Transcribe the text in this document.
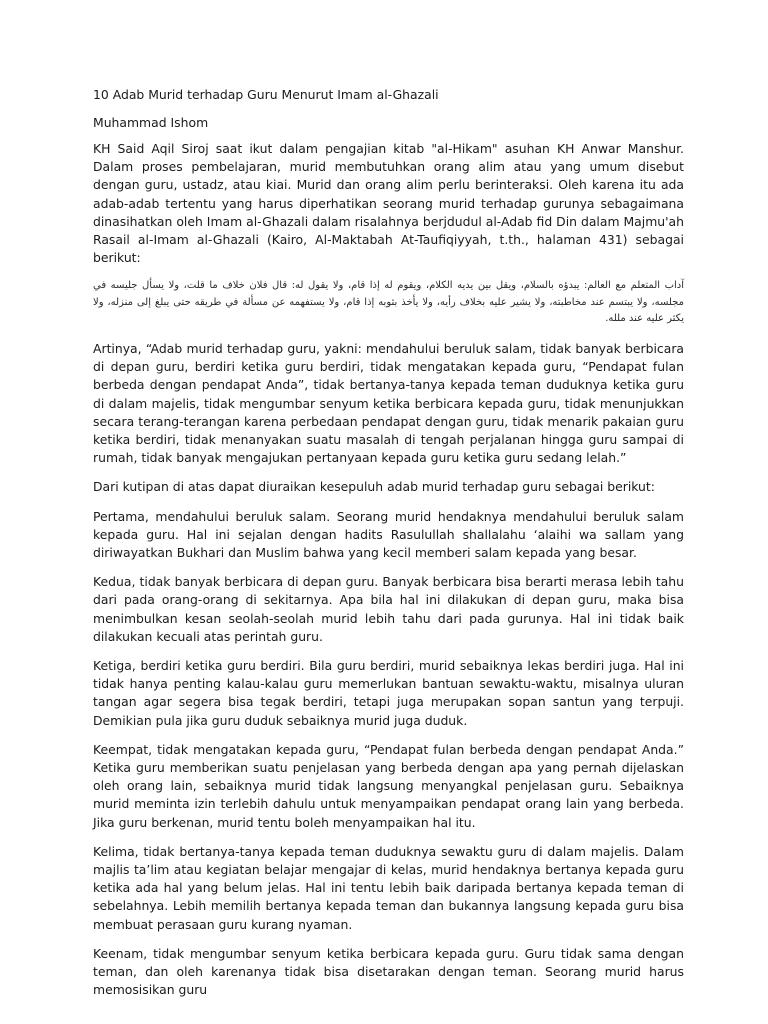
10 Adab Murid terhadap Guru Menurut Imam al-Ghazali

Muhammad Ishom

KH Said Aqil Siroj saat ikut dalam pengajian kitab "al-Hikam" asuhan KH Anwar Manshur. Dalam proses pembelajaran, murid membutuhkan orang alim atau yang umum disebut dengan guru, ustadz, atau kiai. Murid dan orang alim perlu berinteraksi. Oleh karena itu ada adab-adab tertentu yang harus diperhatikan seorang murid terhadap gurunya sebagaimana dinasihatkan oleh Imam al-Ghazali dalam risalahnya berjdudul al-Adab fid Din dalam Majmu'ah Rasail al-Imam al-Ghazali (Kairo, Al-Maktabah At-Taufiqiyyah, t.th., halaman 431) sebagai berikut:

آداب المتعلم مع العالم: يبدؤه بالسلام، ويقل بين يديه الكلام، ويقوم له إذا قام، ولا يقول له: قال فلان خلاف ما قلت، ولا يسأل جليسه في مجلسه، ولا يبتسم عند مخاطبته، ولا يشير عليه بخلاف رأيه، ولا يأخذ بثوبه إذا قام، ولا يستفهمه عن مسألة في طريقه حتى يبلغ إلى منزله، ولا يكثر عليه عند ملله.

Artinya, “Adab murid terhadap guru, yakni: mendahului beruluk salam, tidak banyak berbicara di depan guru, berdiri ketika guru berdiri, tidak mengatakan kepada guru, “Pendapat fulan berbeda dengan pendapat Anda”, tidak bertanya-tanya kepada teman duduknya ketika guru di dalam majelis, tidak mengumbar senyum ketika berbicara kepada guru, tidak menunjukkan secara terang-terangan karena perbedaan pendapat dengan guru, tidak menarik pakaian guru ketika berdiri, tidak menanyakan suatu masalah di tengah perjalanan hingga guru sampai di rumah, tidak banyak mengajukan pertanyaan kepada guru ketika guru sedang lelah.”

Dari kutipan di atas dapat diuraikan kesepuluh adab murid terhadap guru sebagai berikut:

Pertama, mendahului beruluk salam. Seorang murid hendaknya mendahului beruluk salam kepada guru. Hal ini sejalan dengan hadits Rasulullah shallalahu ‘alaihi wa sallam yang diriwayatkan Bukhari dan Muslim bahwa yang kecil memberi salam kepada yang besar.

Kedua, tidak banyak berbicara di depan guru. Banyak berbicara bisa berarti merasa lebih tahu dari pada orang-orang di sekitarnya. Apa bila hal ini dilakukan di depan guru, maka bisa menimbulkan kesan seolah-seolah murid lebih tahu dari pada gurunya. Hal ini tidak baik dilakukan kecuali atas perintah guru.

Ketiga, berdiri ketika guru berdiri. Bila guru berdiri, murid sebaiknya lekas berdiri juga. Hal ini tidak hanya penting kalau-kalau guru memerlukan bantuan sewaktu-waktu, misalnya uluran tangan agar segera bisa tegak berdiri, tetapi juga merupakan sopan santun yang terpuji. Demikian pula jika guru duduk sebaiknya murid juga duduk.

Keempat, tidak mengatakan kepada guru, “Pendapat fulan berbeda dengan pendapat Anda.” Ketika guru memberikan suatu penjelasan yang berbeda dengan apa yang pernah dijelaskan oleh orang lain, sebaiknya murid tidak langsung menyangkal penjelasan guru. Sebaiknya murid meminta izin terlebih dahulu untuk menyampaikan pendapat orang lain yang berbeda. Jika guru berkenan, murid tentu boleh menyampaikan hal itu.

Kelima, tidak bertanya-tanya kepada teman duduknya sewaktu guru di dalam majelis. Dalam majlis ta’lim atau kegiatan belajar mengajar di kelas, murid hendaknya bertanya kepada guru ketika ada hal yang belum jelas. Hal ini tentu lebih baik daripada bertanya kepada teman di sebelahnya. Lebih memilih bertanya kepada teman dan bukannya langsung kepada guru bisa membuat perasaan guru kurang nyaman.

Keenam, tidak mengumbar senyum ketika berbicara kepada guru. Guru tidak sama dengan teman, dan oleh karenanya tidak bisa disetarakan dengan teman. Seorang murid harus memosisikan guru
